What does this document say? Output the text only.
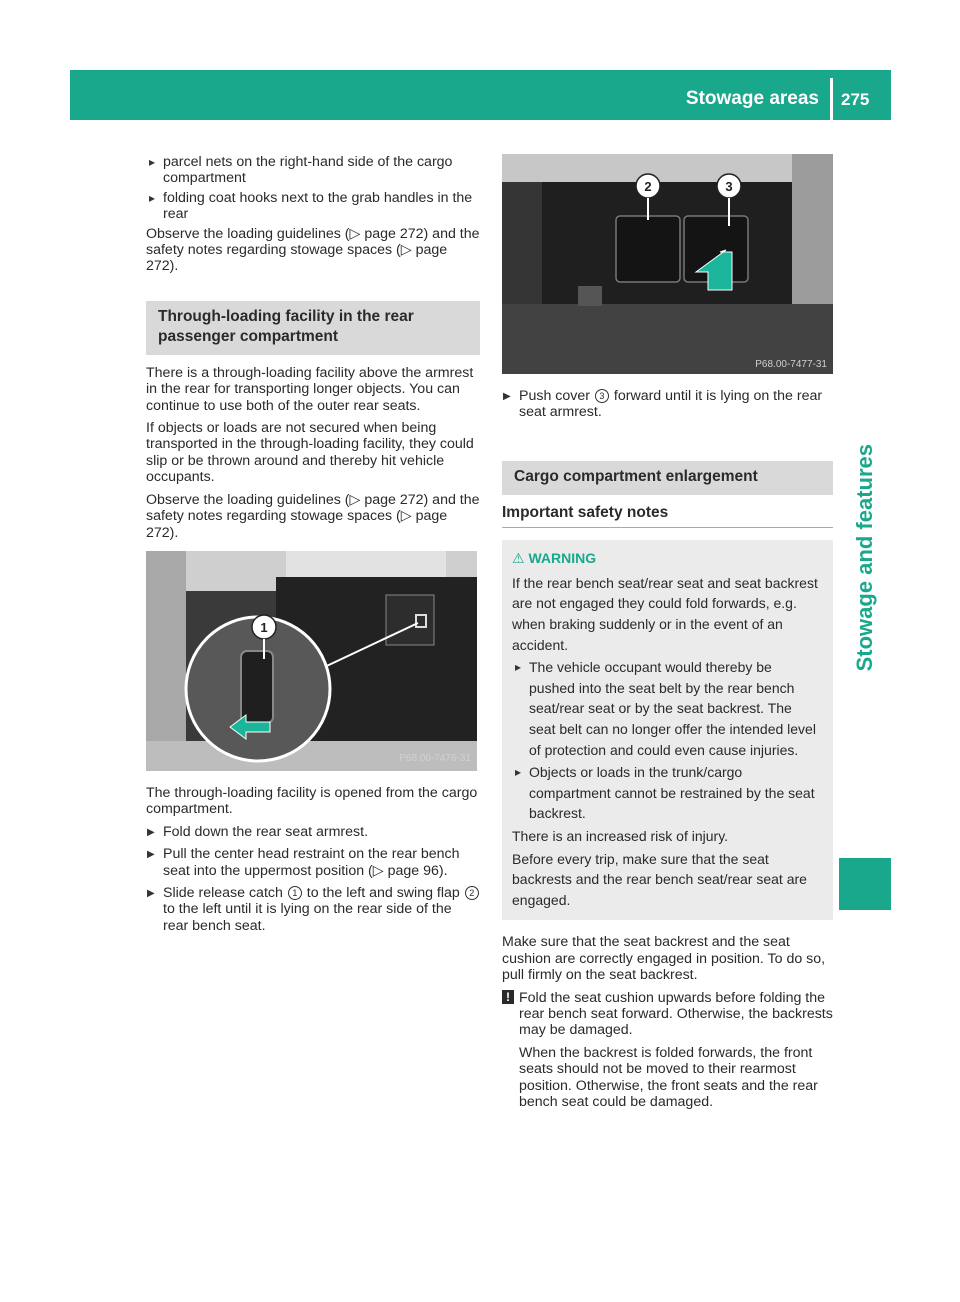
Stowage areas 275
Stowage and features
▸ parcel nets on the right-hand side of the cargo compartment
▸ folding coat hooks next to the grab handles in the rear

Observe the loading guidelines (▷ page 272) and the safety notes regarding stowage spaces (▷ page 272).

Through-loading facility in the rear passenger compartment

There is a through-loading facility above the armrest in the rear for transporting longer objects. You can continue to use both of the outer rear seats.

If objects or loads are not secured when being transported in the through-loading facility, they could slip or be thrown around and thereby hit vehicle occupants.

Observe the loading guidelines (▷ page 272) and the safety notes regarding stowage spaces (▷ page 272).

1
P68.00-7476-31

The through-loading facility is opened from the cargo compartment.

▶ Fold down the rear seat armrest.
▶ Pull the center head restraint on the rear bench seat into the uppermost position (▷ page 96).
▶ Slide release catch 1 to the left and swing flap 2 to the left until it is lying on the rear side of the rear bench seat.
2	3
P68.00-7477-31
▶ Push cover 3 forward until it is lying on the rear seat armrest.
Cargo compartment enlargement
Important safety notes
⚠ WARNING

If the rear bench seat/rear seat and seat backrest are not engaged they could fold forwards, e.g. when braking suddenly or in the event of an accident.

▸ The vehicle occupant would thereby be pushed into the seat belt by the rear bench seat/rear seat or by the seat backrest. The seat belt can no longer offer the intended level of protection and could even cause injuries.
▸ Objects or loads in the trunk/cargo compartment cannot be restrained by the seat backrest.

There is an increased risk of injury.

Before every trip, make sure that the seat backrests and the rear bench seat/rear seat are engaged.

Make sure that the seat backrest and the seat cushion are correctly engaged in position. To do so, pull firmly on the seat backrest.

! Fold the seat cushion upwards before folding the rear bench seat forward. Otherwise, the backrests may be damaged.

When the backrest is folded forwards, the front seats should not be moved to their rearmost position. Otherwise, the front seats and the rear bench seat could be damaged.
